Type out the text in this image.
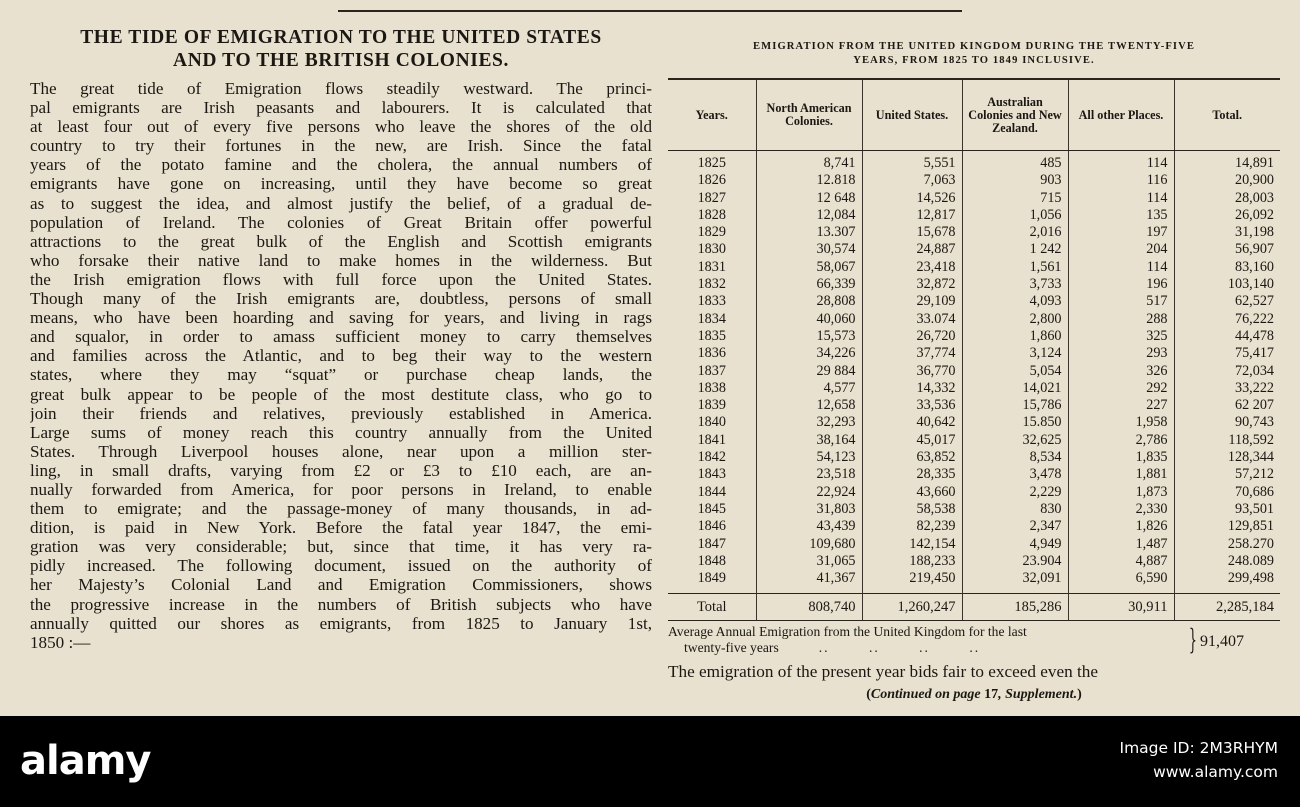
THE TIDE OF EMIGRATION TO THE UNITED STATES
AND TO THE BRITISH COLONIES.

The great tide of Emigration flows steadily westward. The princi-
pal emigrants are Irish peasants and labourers. It is calculated that
at least four out of every five persons who leave the shores of the old
country to try their fortunes in the new, are Irish. Since the fatal
years of the potato famine and the cholera, the annual numbers of
emigrants have gone on increasing, until they have become so great
as to suggest the idea, and almost justify the belief, of a gradual de-
population of Ireland. The colonies of Great Britain offer powerful
attractions to the great bulk of the English and Scottish emigrants
who forsake their native land to make homes in the wilderness. But
the Irish emigration flows with full force upon the United States.
Though many of the Irish emigrants are, doubtless, persons of small
means, who have been hoarding and saving for years, and living in rags
and squalor, in order to amass sufficient money to carry themselves
and families across the Atlantic, and to beg their way to the western
states, where they may “squat” or purchase cheap lands, the
great bulk appear to be people of the most destitute class, who go to
join their friends and relatives, previously established in America.
Large sums of money reach this country annually from the United
States. Through Liverpool houses alone, near upon a million ster-
ling, in small drafts, varying from £2 or £3 to £10 each, are an-
nually forwarded from America, for poor persons in Ireland, to enable
them to emigrate; and the passage-money of many thousands, in ad-
dition, is paid in New York. Before the fatal year 1847, the emi-
gration was very considerable; but, since that time, it has very ra-
pidly increased. The following document, issued on the authority of
her Majesty’s Colonial Land and Emigration Commissioners, shows
the progressive increase in the numbers of British subjects who have
annually quitted our shores as emigrants, from 1825 to January 1st,
1850 :—

EMIGRATION FROM THE UNITED KINGDOM DURING THE TWENTY-FIVE
YEARS, FROM 1825 TO 1849 INCLUSIVE.
Years.	North American Colonies.	United States.	Australian Colonies and New Zealand.	All other Places.	Total.
1825	8,741	5,551	485	114	14,891
1826	12.818	7,063	903	116	20,900
1827	12 648	14,526	715	114	28,003
1828	12,084	12,817	1,056	135	26,092
1829	13.307	15,678	2,016	197	31,198
1830	30,574	24,887	1 242	204	56,907
1831	58,067	23,418	1,561	114	83,160
1832	66,339	32,872	3,733	196	103,140
1833	28,808	29,109	4,093	517	62,527
1834	40,060	33.074	2,800	288	76,222
1835	15,573	26,720	1,860	325	44,478
1836	34,226	37,774	3,124	293	75,417
1837	29 884	36,770	5,054	326	72,034
1838	4,577	14,332	14,021	292	33,222
1839	12,658	33,536	15,786	227	62 207
1840	32,293	40,642	15.850	1,958	90,743
1841	38,164	45,017	32,625	2,786	118,592
1842	54,123	63,852	8,534	1,835	128,344
1843	23,518	28,335	3,478	1,881	57,212
1844	22,924	43,660	2,229	1,873	70,686
1845	31,803	58,538	830	2,330	93,501
1846	43,439	82,239	2,347	1,826	129,851
1847	109,680	142,154	4,949	1,487	258.270
1848	31,065	188,233	23.904	4,887	248.089
1849	41,367	219,450	32,091	6,590	299,498

Total	808,740	1,260,247	185,286	30,911	2,285,184
Average Annual Emigration from the United Kingdom for the last
twenty-five years	.. .. .. ..	} 91,407
The emigration of the present year bids fair to exceed even the
(Continued on page 17, Supplement.)
alamy	Image ID: 2M3RHYM
www.alamy.com
